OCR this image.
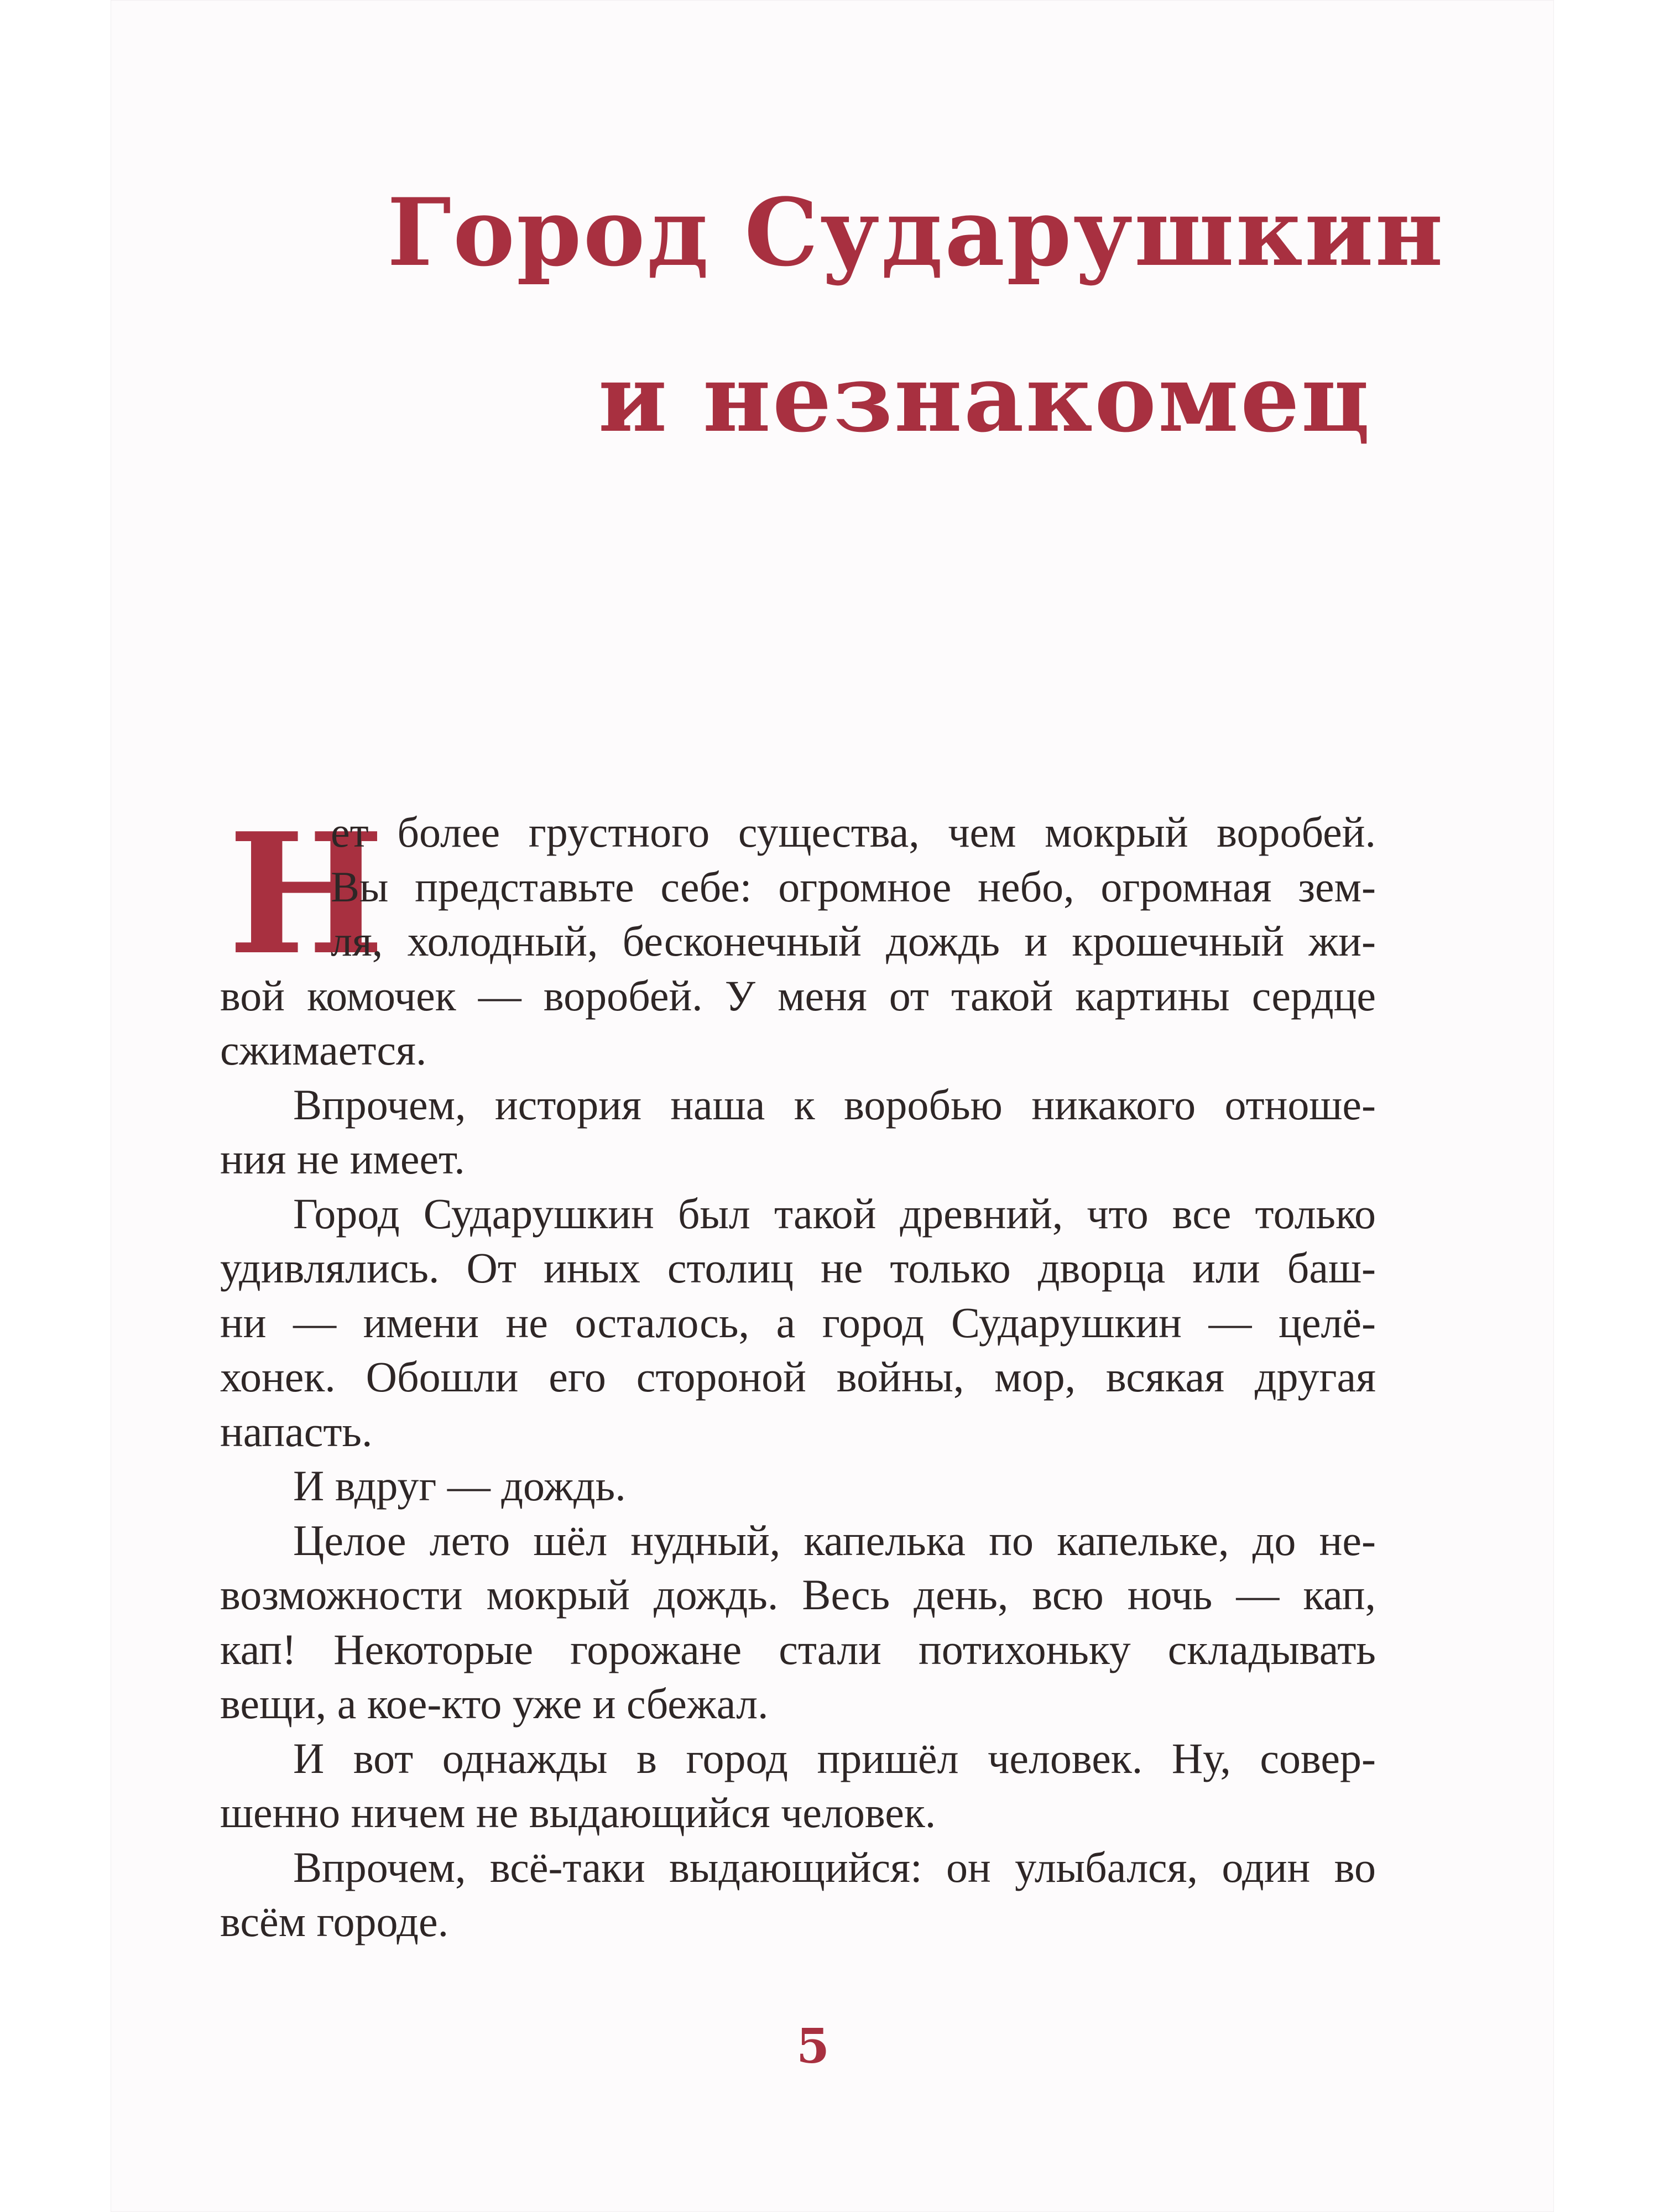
Город Сударушкин
и незнакомец
Н
ет более грустного существа, чем мокрый воробей.
Вы представьте себе: огромное небо, огромная зем-
ля, холодный, бесконечный дождь и крошечный жи-
вой комочек — воробей. У меня от такой картины сердце
сжимается.
Впрочем, история наша к воробью никакого отноше-
ния не имеет.
Город Сударушкин был такой древний, что все только
удивлялись. От иных столиц не только дворца или баш-
ни — имени не осталось, а город Сударушкин — целё-
хонек. Обошли его стороной войны, мор, всякая другая
напасть.
И вдруг — дождь.
Целое лето шёл нудный, капелька по капельке, до не-
возможности мокрый дождь. Весь день, всю ночь — кап,
кап! Некоторые горожане стали потихоньку складывать
вещи, а кое-кто уже и сбежал.
И вот однажды в город пришёл человек. Ну, совер-
шенно ничем не выдающийся человек.
Впрочем, всё-таки выдающийся: он улыбался, один во
всём городе.
5
